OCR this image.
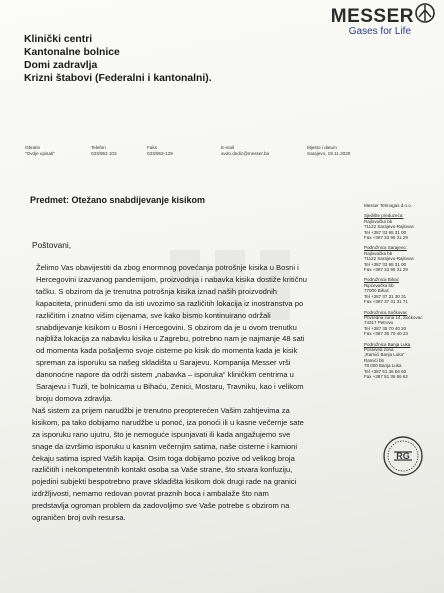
MESSER
Gases for Life
Klinički centri
Kantonalne bolnice
Domi zadravlja
Krizni štabovi (Federalni i kantonalni).
Obratio
"Ovdje upisati"
Telefon
033/953 103
Faks
033/953-129
E-mail
avdo.dedic@messer.ba
Mjesto i datum
Sarajevo, 19.11.2020
Predmet: Otežano snabdijevanje kisikom
Poštovani,

Želimo Vas obavijestiti da zbog enormnog povećanja potrošnje kisika u Bosni i

Hercegovini izazvanog pandemijom, proizvodnja i nabavka kisika dostiže kritičnu

tačku. S obzirom da je trenutna potrošnja kisika iznad naših proizvodnih

kapaciteta, prinuđeni smo da isti uvozimo sa različitih lokacija iz inostranstva po

različitim i znatno višim cijenama, sve kako bismo kontinuirano održali

snabdijevanje kisikom u Bosni i Hercegovini. S obzirom da je u ovom trenutku

najbliža lokacija za nabavku kisika u Zagrebu, potrebno nam je najmanje 48 sati

od momenta kada pošaljemo svoje cisterne po kisik do momenta kada je kisik

spreman za isporuku sa našeg skladišta u Sarajevu. Kompanija Messer vrši

danonoćne napore da održi sistem „nabavka – isporuka“ kliničkim centrima u

Sarajevu i Tuzli, te bolnicama u Bihaću, Zenici, Mostaru, Travniku, kao i velikom

broju domova zdravlja.

Naš sistem za prijem narudžbi je trenutno preopterećen Vašim zahtjevima za

kisikom, pa tako dobijamo narudžbe u ponoć, iza ponoći ili u kasne večernje sate

za isporuku rano ujutru, što je nemoguće ispunjavati ili kada angažujemo sve

snage da izvršimo isporuku u kasnim večernjim satima, naše cisterne i kamioni

čekaju satima ispred Vaših kapija. Osim toga dobijamo pozive od velikog broja

različitih i nekompetentnih kontakt osoba sa Vaše strane, što stvara konfuziju,

pojedini subjekti bespotrebno prave skladišta kisikom dok drugi rade na granici

izdržljivosti, nemamo redovan povrat praznih boca i ambalaže što nam

predstavlja ogroman problem da zadovoljimo sve Vaše potrebe s obzirom na

ograničen broj ovih resursa.

Messer Tehnogas d.o.o.
Sjedište preduzeća:
Rajlovačka bb
71122 Sarajevo-Rajlovac
Tel +387 33 95 31 00
Fax +387 33 95 31 29
Podružnica Sarajevo:
Rajlovačka bb
71122 Sarajevo-Rajlovac
Tel +387 33 95 31 00
Fax +387 33 95 31 29
Podružnica Bihać
Ripćevačka bb
77000 Bihać
Tel +387 37 31 30 31
Fax +387 37 31 31 71
Podružnica Sočkovac
Privredna zona 14, Sočkovac
74317 Petrovo
Tel +387 35 70 40 20
Fax +387 35 70 40 23
Podružnica Banja Luka
Poslovna zona
„Ramići Banja Luka“
Ramići bb
78 000 Banja Luka
Tel +387 51 36 66 60
Fax +387 51 36 66 62
RG
